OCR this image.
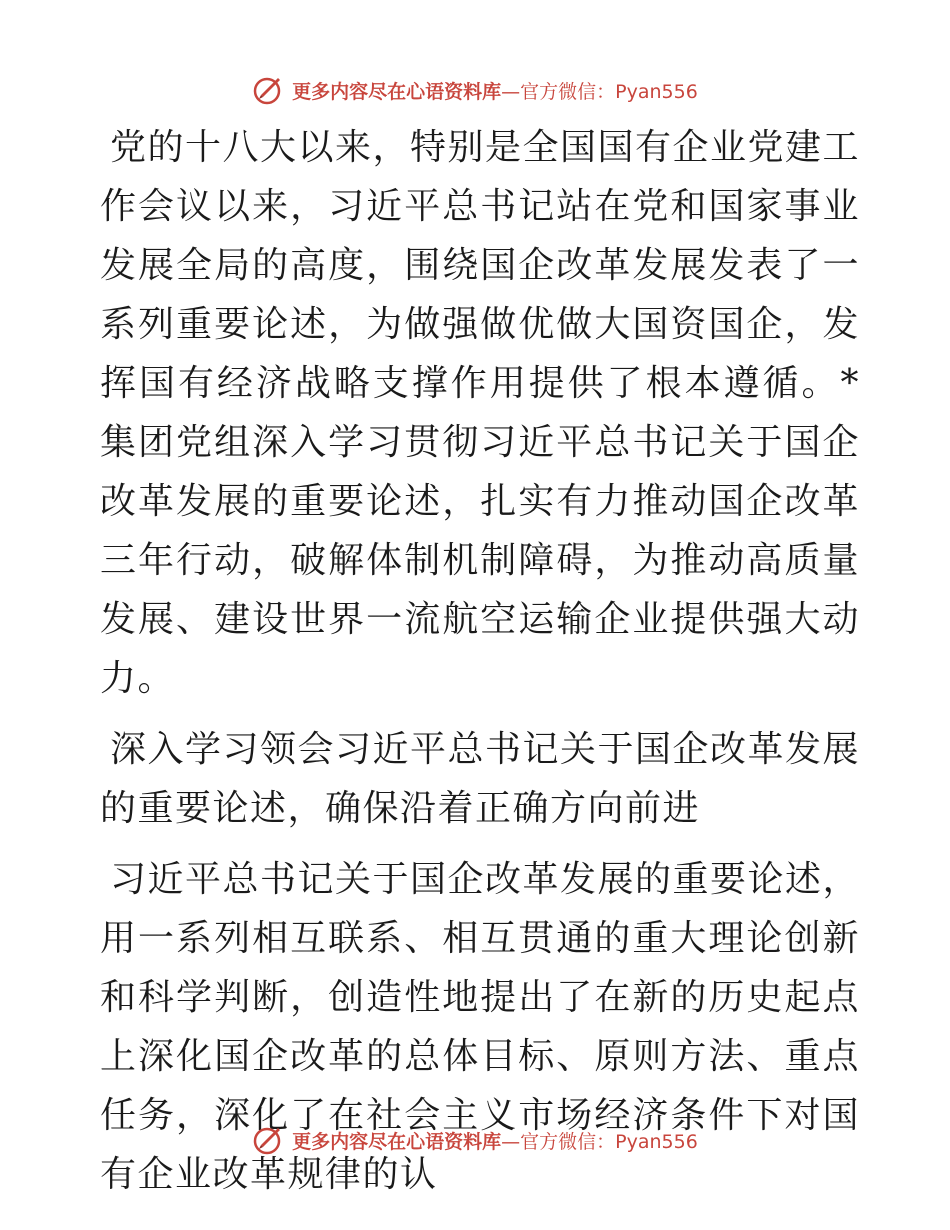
更多内容尽在心语资料库—官方微信：Pyan556

党的十八大以来，特别是全国国有企业党建工作会议以来，习近平总书记站在党和国家事业发展全局的高度，围绕国企改革发展发表了一系列重要论述，为做强做优做大国资国企，发挥国有经济战略支撑作用提供了根本遵循。*集团党组深入学习贯彻习近平总书记关于国企改革发展的重要论述，扎实有力推动国企改革三年行动，破解体制机制障碍，为推动高质量发展、建设世界一流航空运输企业提供强大动力。

深入学习领会习近平总书记关于国企改革发展的重要论述，确保沿着正确方向前进

习近平总书记关于国企改革发展的重要论述，用一系列相互联系、相互贯通的重大理论创新和科学判断，创造性地提出了在新的历史起点上深化国企改革的总体目标、原则方法、重点任务，深化了在社会主义市场经济条件下对国有企业改革规律的认

更多内容尽在心语资料库—官方微信：Pyan556
